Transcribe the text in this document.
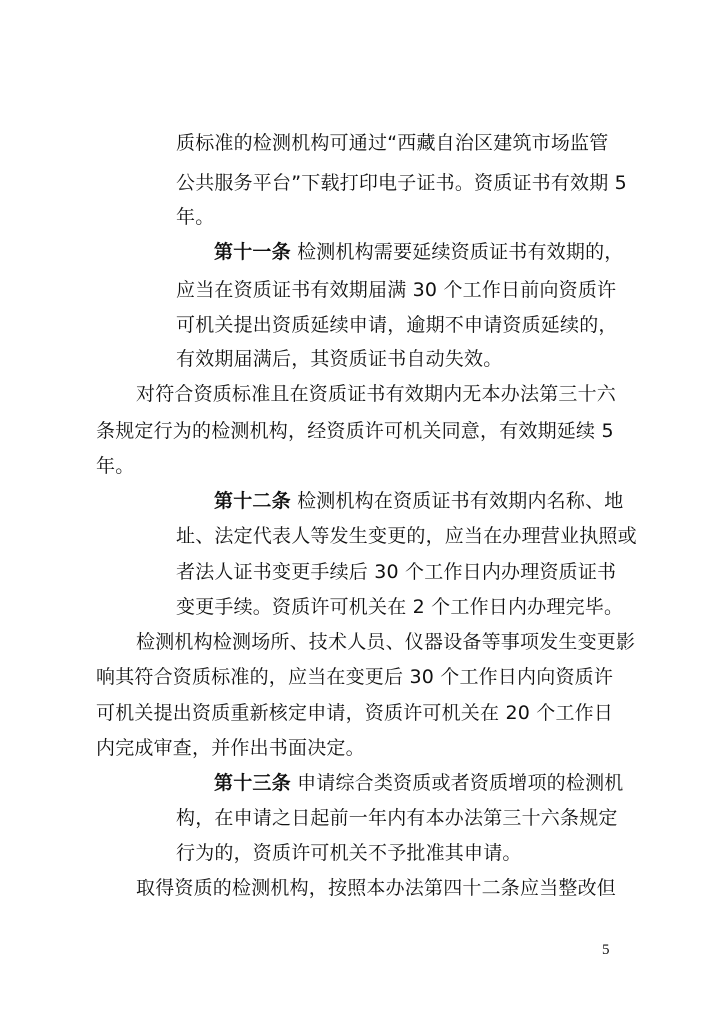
质标准的检测机构可通过“西藏自治区建筑市场监管
公共服务平台”下载打印电子证书。资质证书有效期 5
年。
第十一条 检测机构需要延续资质证书有效期的，
应当在资质证书有效期届满 30 个工作日前向资质许
可机关提出资质延续申请，逾期不申请资质延续的，
有效期届满后，其资质证书自动失效。
对符合资质标准且在资质证书有效期内无本办法第三十六
条规定行为的检测机构，经资质许可机关同意，有效期延续 5
年。
第十二条 检测机构在资质证书有效期内名称、地
址、法定代表人等发生变更的，应当在办理营业执照或
者法人证书变更手续后 30 个工作日内办理资质证书
变更手续。资质许可机关在 2 个工作日内办理完毕。
检测机构检测场所、技术人员、仪器设备等事项发生变更影
响其符合资质标准的，应当在变更后 30 个工作日内向资质许
可机关提出资质重新核定申请，资质许可机关在 20 个工作日
内完成审查，并作出书面决定。
第十三条 申请综合类资质或者资质增项的检测机
构，在申请之日起前一年内有本办法第三十六条规定
行为的，资质许可机关不予批准其申请。
取得资质的检测机构，按照本办法第四十二条应当整改但
5
